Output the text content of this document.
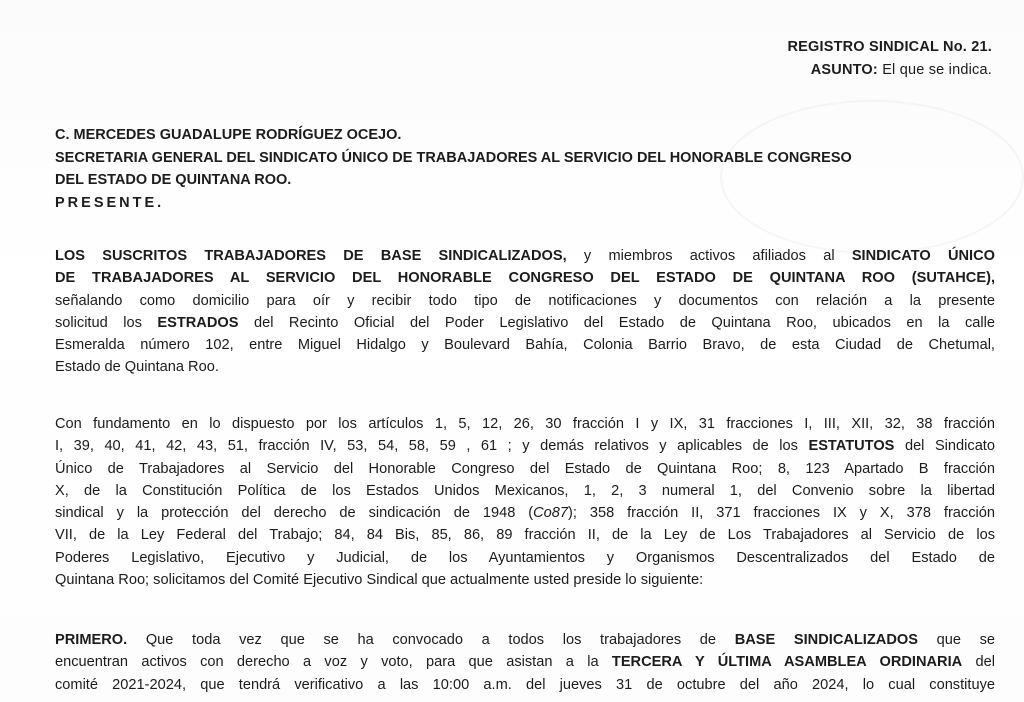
REGISTRO SINDICAL No. 21.
ASUNTO: El que se indica.
C. MERCEDES GUADALUPE RODRÍGUEZ OCEJO.
SECRETARIA GENERAL DEL SINDICATO ÚNICO DE TRABAJADORES AL SERVICIO DEL HONORABLE CONGRESO
DEL ESTADO DE QUINTANA ROO.
PRESENTE.
LOS SUSCRITOS TRABAJADORES DE BASE SINDICALIZADOS, y miembros activos afiliados al SINDICATO ÚNICO
DE TRABAJADORES AL SERVICIO DEL HONORABLE CONGRESO DEL ESTADO DE QUINTANA ROO (SUTAHCE),
señalando como domicilio para oír y recibir todo tipo de notificaciones y documentos con relación a la presente
solicitud los ESTRADOS del Recinto Oficial del Poder Legislativo del Estado de Quintana Roo, ubicados en la calle
Esmeralda número 102, entre Miguel Hidalgo y Boulevard Bahía, Colonia Barrio Bravo, de esta Ciudad de Chetumal,
Estado de Quintana Roo.
Con fundamento en lo dispuesto por los artículos 1, 5, 12, 26, 30 fracción I y IX, 31 fracciones I, III, XII, 32, 38 fracción
I, 39, 40, 41, 42, 43, 51, fracción IV, 53, 54, 58, 59 , 61 ; y demás relativos y aplicables de los ESTATUTOS del Sindicato
Único de Trabajadores al Servicio del Honorable Congreso del Estado de Quintana Roo; 8, 123 Apartado B fracción
X, de la Constitución Política de los Estados Unidos Mexicanos, 1, 2, 3 numeral 1, del Convenio sobre la libertad
sindical y la protección del derecho de sindicación de 1948 (Co87); 358 fracción II, 371 fracciones IX y X, 378 fracción
VII, de la Ley Federal del Trabajo; 84, 84 Bis, 85, 86, 89 fracción II, de la Ley de Los Trabajadores al Servicio de los
Poderes Legislativo, Ejecutivo y Judicial, de los Ayuntamientos y Organismos Descentralizados del Estado de
Quintana Roo; solicitamos del Comité Ejecutivo Sindical que actualmente usted preside lo siguiente:
PRIMERO. Que toda vez que se ha convocado a todos los trabajadores de BASE SINDICALIZADOS que se
encuentran activos con derecho a voz y voto, para que asistan a la TERCERA Y ÚLTIMA ASAMBLEA ORDINARIA del
comité 2021-2024, que tendrá verificativo a las 10:00 a.m. del jueves 31 de octubre del año 2024, lo cual constituye
